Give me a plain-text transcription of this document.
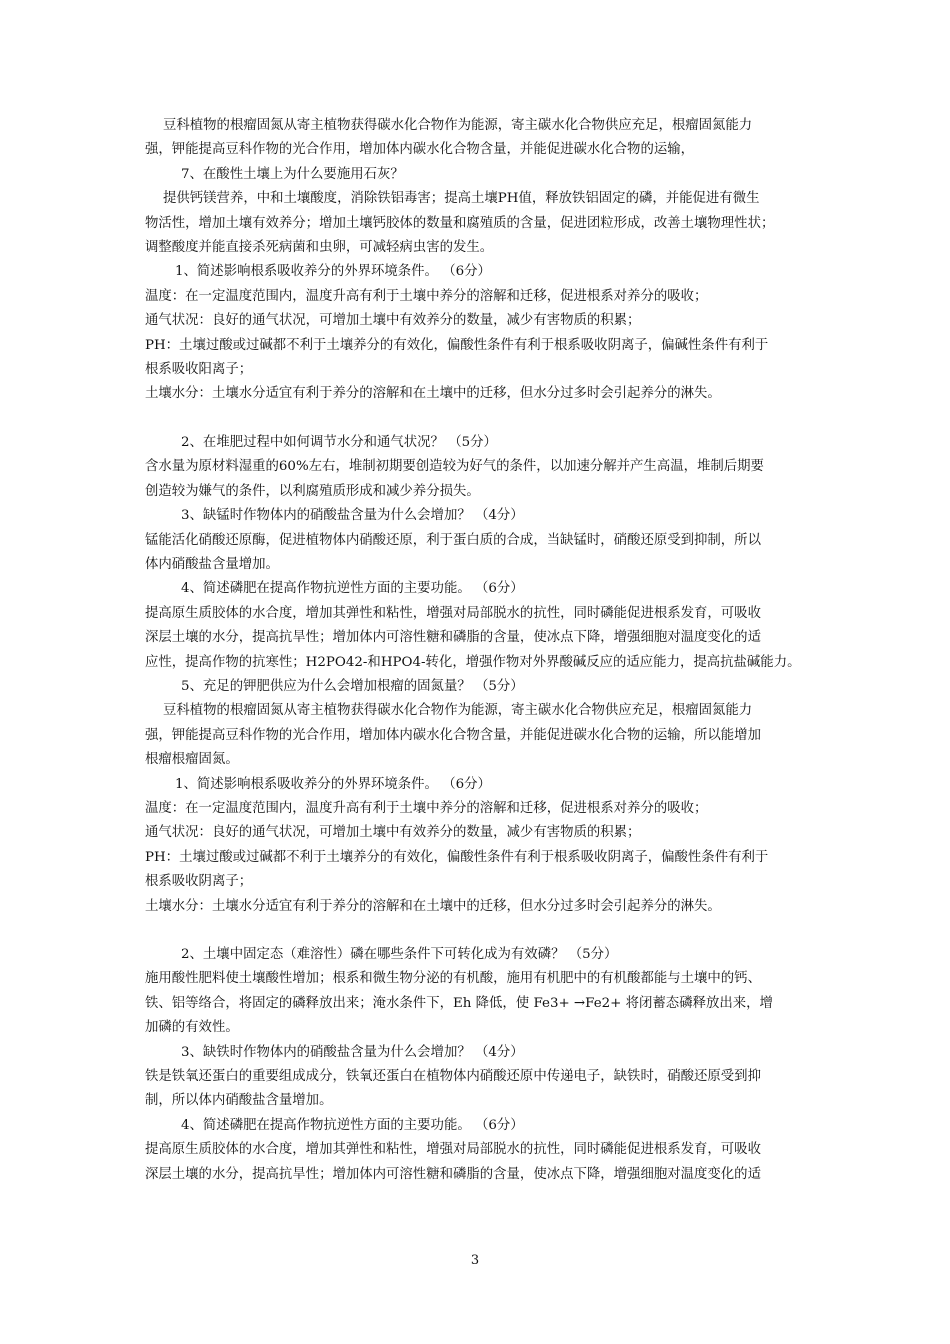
豆科植物的根瘤固氮从寄主植物获得碳水化合物作为能源，寄主碳水化合物供应充足，根瘤固氮能力

强，钾能提高豆科作物的光合作用，增加体内碳水化合物含量，并能促进碳水化合物的运输，

7、在酸性土壤上为什么要施用石灰？

提供钙镁营养，中和土壤酸度，消除铁铝毒害；提高土壤PH值，释放铁铝固定的磷，并能促进有微生

物活性，增加土壤有效养分；增加土壤钙胶体的数量和腐殖质的含量，促进团粒形成，改善土壤物理性状；

调整酸度并能直接杀死病菌和虫卵，可减轻病虫害的发生。

1、简述影响根系吸收养分的外界环境条件。 （6分）

温度：在一定温度范围内，温度升高有利于土壤中养分的溶解和迁移，促进根系对养分的吸收；

通气状况：良好的通气状况，可增加土壤中有效养分的数量，减少有害物质的积累；

PH：土壤过酸或过碱都不利于土壤养分的有效化，偏酸性条件有利于根系吸收阴离子，偏碱性条件有利于

根系吸收阳离子；

土壤水分：土壤水分适宜有利于养分的溶解和在土壤中的迁移，但水分过多时会引起养分的淋失。

2、在堆肥过程中如何调节水分和通气状况？ （5分）

含水量为原材料湿重的60%左右，堆制初期要创造较为好气的条件，以加速分解并产生高温，堆制后期要

创造较为嫌气的条件，以利腐殖质形成和减少养分损失。

3、缺锰时作物体内的硝酸盐含量为什么会增加？ （4分）

锰能活化硝酸还原酶，促进植物体内硝酸还原，利于蛋白质的合成，当缺锰时，硝酸还原受到抑制，所以

体内硝酸盐含量增加。

4、简述磷肥在提高作物抗逆性方面的主要功能。 （6分）

提高原生质胶体的水合度，增加其弹性和粘性，增强对局部脱水的抗性，同时磷能促进根系发育，可吸收

深层土壤的水分，提高抗旱性；增加体内可溶性糖和磷脂的含量，使冰点下降，增强细胞对温度变化的适

应性，提高作物的抗寒性；H2PO42-和HPO4-转化，增强作物对外界酸碱反应的适应能力，提高抗盐碱能力。

5、充足的钾肥供应为什么会增加根瘤的固氮量？ （5分）

豆科植物的根瘤固氮从寄主植物获得碳水化合物作为能源，寄主碳水化合物供应充足，根瘤固氮能力

强，钾能提高豆科作物的光合作用，增加体内碳水化合物含量，并能促进碳水化合物的运输，所以能增加

根瘤根瘤固氮。

1、简述影响根系吸收养分的外界环境条件。 （6分）

温度：在一定温度范围内，温度升高有利于土壤中养分的溶解和迁移，促进根系对养分的吸收；

通气状况：良好的通气状况，可增加土壤中有效养分的数量，减少有害物质的积累；

PH：土壤过酸或过碱都不利于土壤养分的有效化，偏酸性条件有利于根系吸收阴离子，偏酸性条件有利于

根系吸收阴离子；

土壤水分：土壤水分适宜有利于养分的溶解和在土壤中的迁移，但水分过多时会引起养分的淋失。

2、土壤中固定态（难溶性）磷在哪些条件下可转化成为有效磷？ （5分）

施用酸性肥料使土壤酸性增加；根系和微生物分泌的有机酸，施用有机肥中的有机酸都能与土壤中的钙、

铁、铝等络合，将固定的磷释放出来；淹水条件下，Eh 降低，使 Fe3+ →Fe2+ 将闭蓄态磷释放出来，增

加磷的有效性。

3、缺铁时作物体内的硝酸盐含量为什么会增加？ （4分）

铁是铁氧还蛋白的重要组成成分，铁氧还蛋白在植物体内硝酸还原中传递电子，缺铁时，硝酸还原受到抑

制，所以体内硝酸盐含量增加。

4、简述磷肥在提高作物抗逆性方面的主要功能。 （6分）

提高原生质胶体的水合度，增加其弹性和粘性，增强对局部脱水的抗性，同时磷能促进根系发育，可吸收

深层土壤的水分，提高抗旱性；增加体内可溶性糖和磷脂的含量，使冰点下降，增强细胞对温度变化的适

3
